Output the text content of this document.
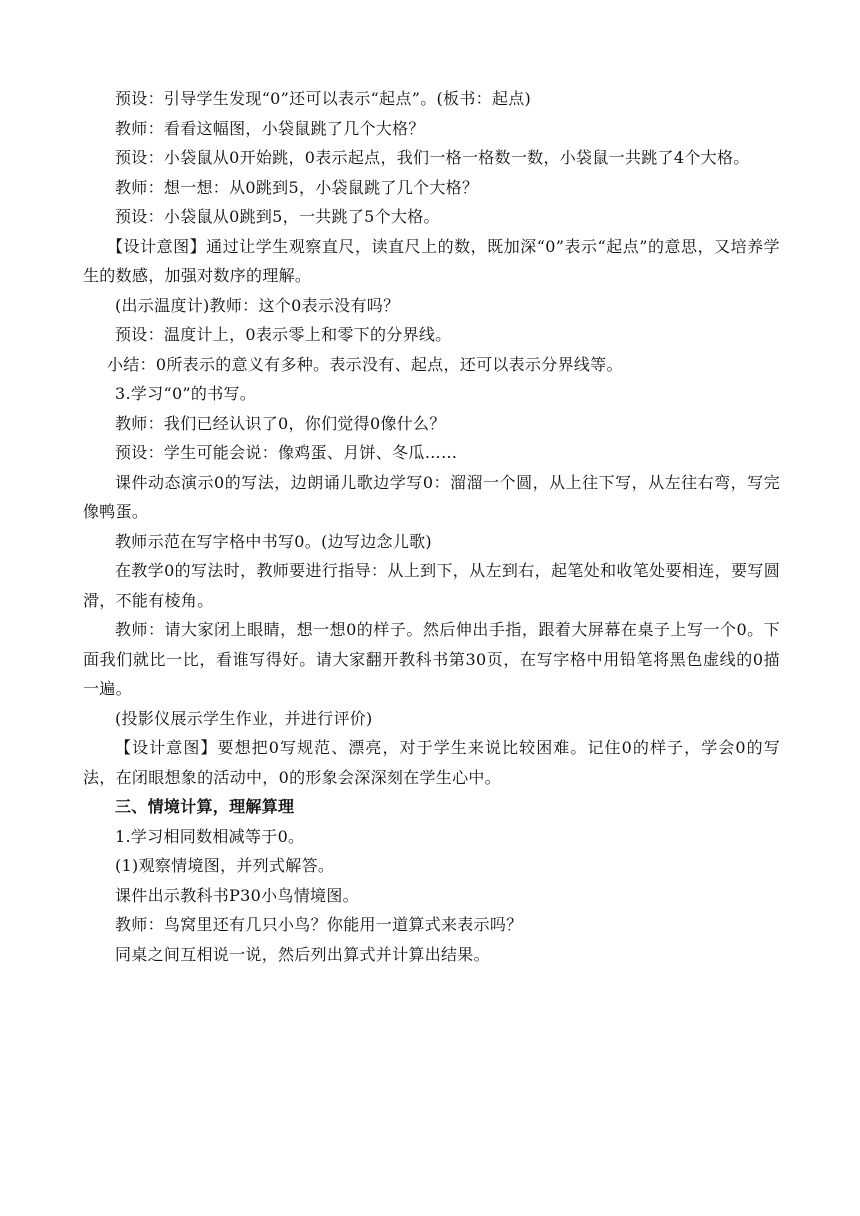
预设：引导学生发现“0”还可以表示“起点”。(板书：起点)

教师：看看这幅图，小袋鼠跳了几个大格？

预设：小袋鼠从0开始跳，0表示起点，我们一格一格数一数，小袋鼠一共跳了4个大格。

教师：想一想：从0跳到5，小袋鼠跳了几个大格？

预设：小袋鼠从0跳到5，一共跳了5个大格。

【设计意图】通过让学生观察直尺，读直尺上的数，既加深“0”表示“起点”的意思，又培养学生的数感，加强对数序的理解。

(出示温度计)教师：这个0表示没有吗？

预设：温度计上，0表示零上和零下的分界线。

小结：0所表示的意义有多种。表示没有、起点，还可以表示分界线等。

3.学习“0”的书写。

教师：我们已经认识了0，你们觉得0像什么？

预设：学生可能会说：像鸡蛋、月饼、冬瓜……

课件动态演示0的写法，边朗诵儿歌边学写0：溜溜一个圆，从上往下写，从左往右弯，写完像鸭蛋。

教师示范在写字格中书写0。(边写边念儿歌)

在教学0的写法时，教师要进行指导：从上到下，从左到右，起笔处和收笔处要相连，要写圆滑，不能有棱角。

教师：请大家闭上眼睛，想一想0的样子。然后伸出手指，跟着大屏幕在桌子上写一个0。下面我们就比一比，看谁写得好。请大家翻开教科书第30页，在写字格中用铅笔将黑色虚线的0描一遍。

(投影仪展示学生作业，并进行评价)

【设计意图】要想把0写规范、漂亮，对于学生来说比较困难。记住0的样子，学会0的写法，在闭眼想象的活动中，0的形象会深深刻在学生心中。

三、情境计算，理解算理

1.学习相同数相减等于0。

(1)观察情境图，并列式解答。

课件出示教科书P30小鸟情境图。

教师：鸟窝里还有几只小鸟？你能用一道算式来表示吗？

同桌之间互相说一说，然后列出算式并计算出结果。
